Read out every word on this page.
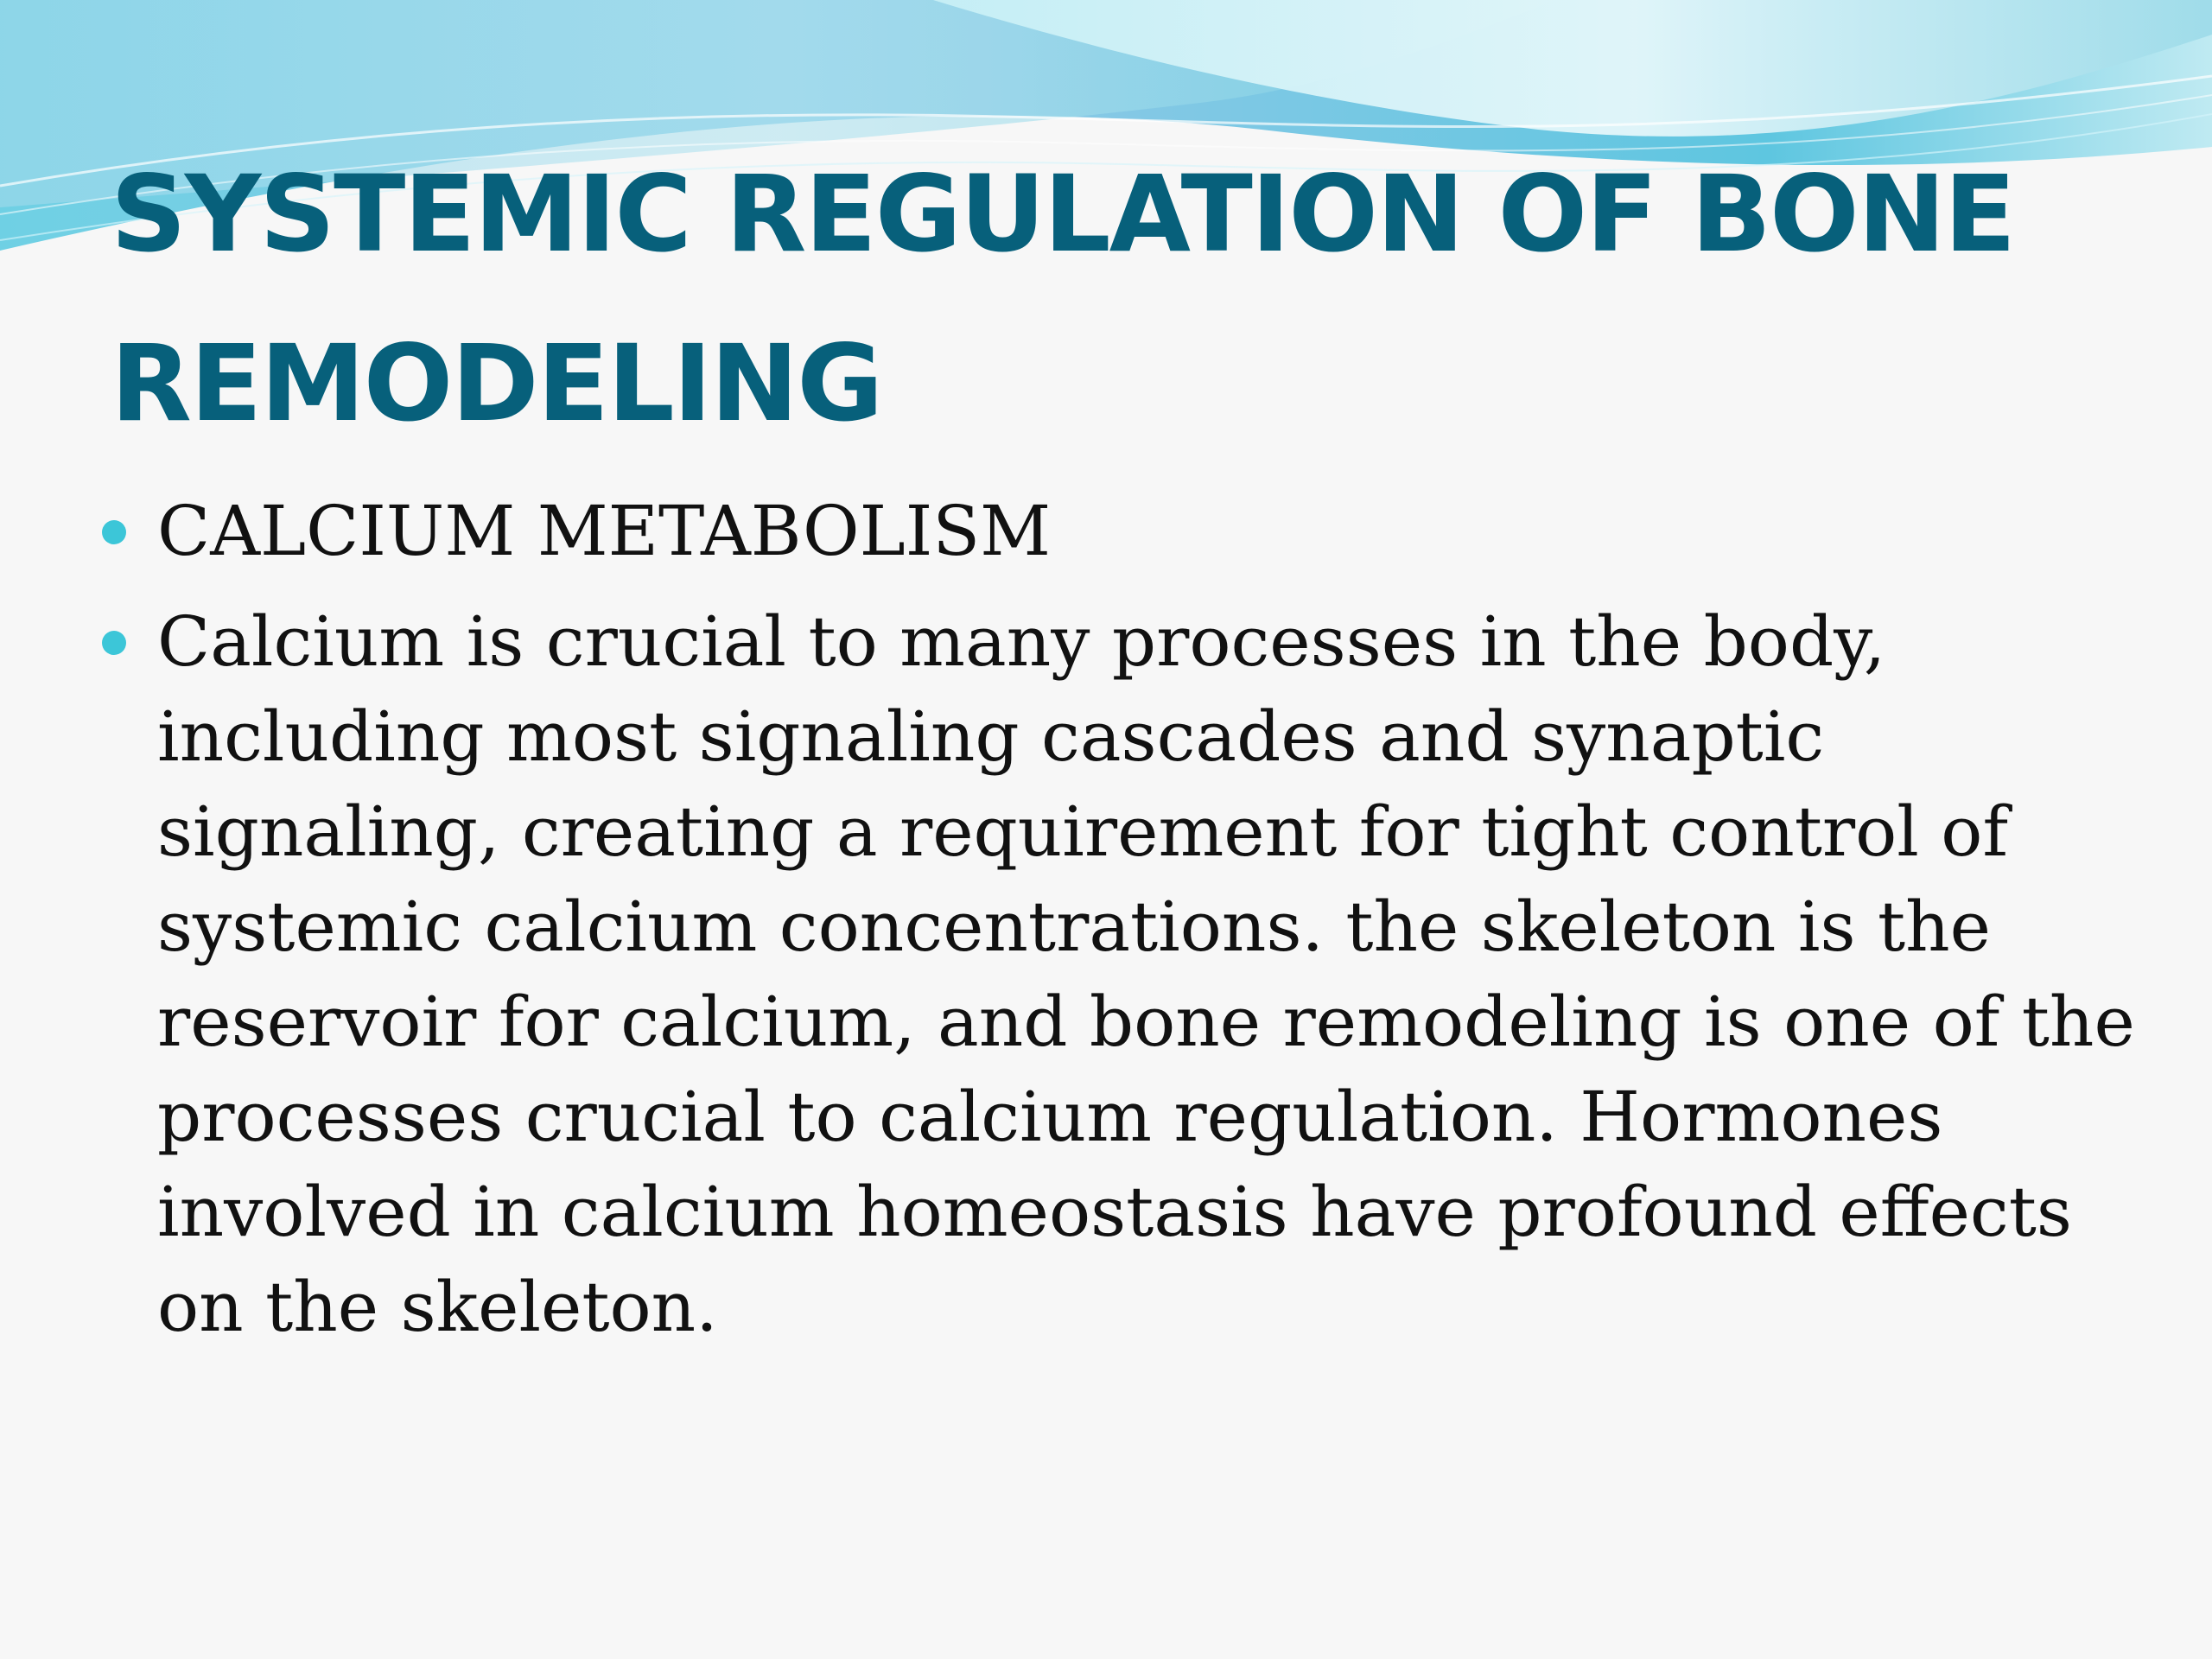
SYSTEMIC REGULATION OF BONE REMODELING
CALCIUM METABOLISM
Calcium is crucial to many processes in the body, including most signaling cascades and synaptic signaling, creating a requirement for tight control of systemic calcium concentrations. the skeleton is the reservoir for calcium, and bone remodeling is one of the processes crucial to calcium regulation. Hormones involved in calcium homeostasis have profound effects on the skeleton.
